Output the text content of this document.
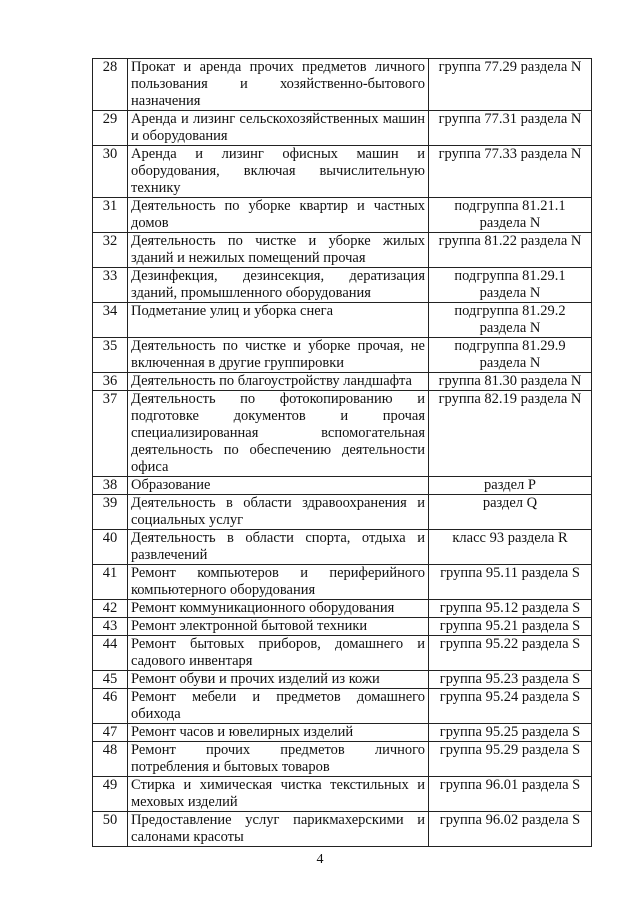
28	Прокат и аренда прочих предметов личного пользования и хозяйственно-бытового назначения	группа 77.29 раздела N
29	Аренда и лизинг сельскохозяйственных машин и оборудования	группа 77.31 раздела N
30	Аренда и лизинг офисных машин и оборудования, включая вычислительную технику	группа 77.33 раздела N
31	Деятельность по уборке квартир и частных домов	подгруппа 81.21.1 раздела N
32	Деятельность по чистке и уборке жилых зданий и нежилых помещений прочая	группа 81.22 раздела N
33	Дезинфекция, дезинсекция, дератизация зданий, промышленного оборудования	подгруппа 81.29.1 раздела N
34	Подметание улиц и уборка снега	подгруппа 81.29.2 раздела N
35	Деятельность по чистке и уборке прочая, не включенная в другие группировки	подгруппа 81.29.9 раздела N
36	Деятельность по благоустройству ландшафта	группа 81.30 раздела N
37	Деятельность по фотокопированию и подготовке документов и прочая специализированная вспомогательная деятельность по обеспечению деятельности офиса	группа 82.19 раздела N
38	Образование	раздел P
39	Деятельность в области здравоохранения и социальных услуг	раздел Q
40	Деятельность в области спорта, отдыха и развлечений	класс 93 раздела R
41	Ремонт компьютеров и периферийного компьютерного оборудования	группа 95.11 раздела S
42	Ремонт коммуникационного оборудования	группа 95.12 раздела S
43	Ремонт электронной бытовой техники	группа 95.21 раздела S
44	Ремонт бытовых приборов, домашнего и садового инвентаря	группа 95.22 раздела S
45	Ремонт обуви и прочих изделий из кожи	группа 95.23 раздела S
46	Ремонт мебели и предметов домашнего обихода	группа 95.24 раздела S
47	Ремонт часов и ювелирных изделий	группа 95.25 раздела S
48	Ремонт прочих предметов личного потребления и бытовых товаров	группа 95.29 раздела S
49	Стирка и химическая чистка текстильных и меховых изделий	группа 96.01 раздела S
50	Предоставление услуг парикмахерскими и салонами красоты	группа 96.02 раздела S
4
